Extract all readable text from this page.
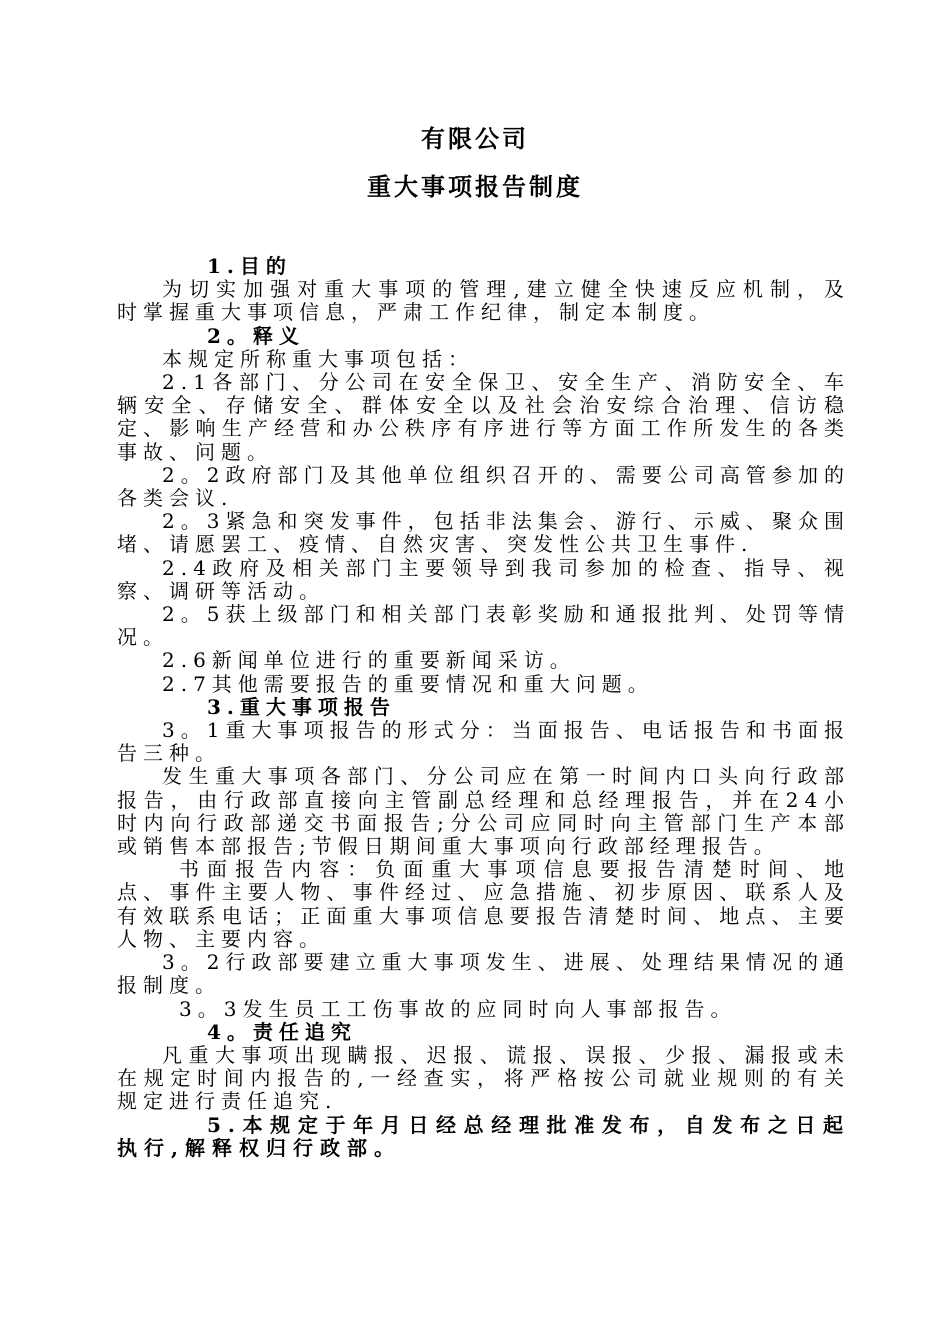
有限公司
重大事项报告制度

1.目的

为切实加强对重大事项的管理,建立健全快速反应机制，及时掌握重大事项信息，严肃工作纪律，制定本制度。

2。释义

本规定所称重大事项包括：

2.1各部门、分公司在安全保卫、安全生产、消防安全、车辆安全、存储安全、群体安全以及社会治安综合治理、信访稳定、影响生产经营和办公秩序有序进行等方面工作所发生的各类事故、问题。

2。2政府部门及其他单位组织召开的、需要公司高管参加的各类会议.

2。3紧急和突发事件，包括非法集会、游行、示威、聚众围堵、请愿罢工、疫情、自然灾害、突发性公共卫生事件.

2.4政府及相关部门主要领导到我司参加的检查、指导、视察、调研等活动。

2。5获上级部门和相关部门表彰奖励和通报批判、处罚等情况。

2.6新闻单位进行的重要新闻采访。

2.7其他需要报告的重要情况和重大问题。

3.重大事项报告

3。1重大事项报告的形式分：当面报告、电话报告和书面报告三种。

发生重大事项各部门、分公司应在第一时间内口头向行政部报告，由行政部直接向主管副总经理和总经理报告，并在24小时内向行政部递交书面报告;分公司应同时向主管部门生产本部或销售本部报告;节假日期间重大事项向行政部经理报告。

书面报告内容：负面重大事项信息要报告清楚时间、地点、事件主要人物、事件经过、应急措施、初步原因、联系人及有效联系电话；正面重大事项信息要报告清楚时间、地点、主要人物、主要内容。

3。2行政部要建立重大事项发生、进展、处理结果情况的通报制度。

3。3发生员工工伤事故的应同时向人事部报告。

4。责任追究

凡重大事项出现瞒报、迟报、谎报、误报、少报、漏报或未在规定时间内报告的,一经查实，将严格按公司就业规则的有关规定进行责任追究.

5.本规定于年月日经总经理批准发布，自发布之日起执行,解释权归行政部。
